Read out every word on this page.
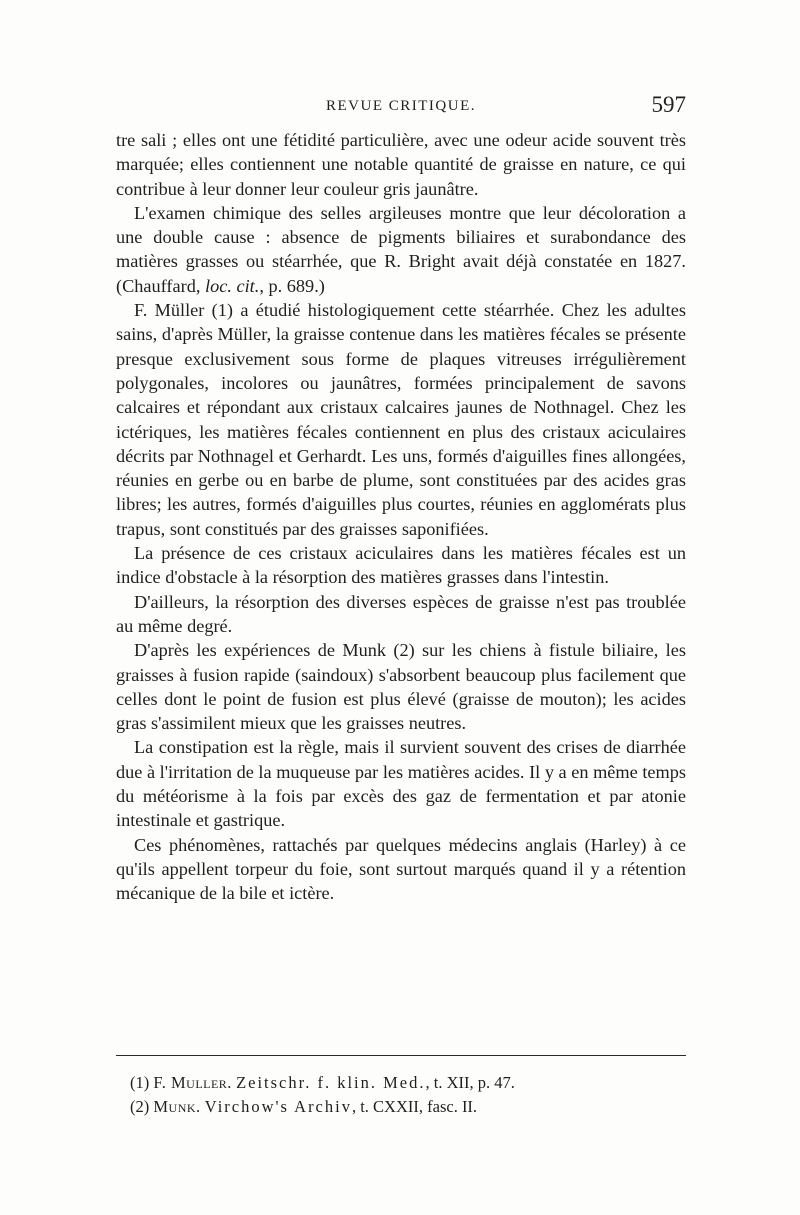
REVUE CRITIQUE.	597

tre sali ; elles ont une fétidité particulière, avec une odeur acide souvent très marquée; elles contiennent une notable quantité de graisse en nature, ce qui contribue à leur donner leur couleur gris jaunâtre.

L'examen chimique des selles argileuses montre que leur décoloration a une double cause : absence de pigments biliaires et surabondance des matières grasses ou stéarrhée, que R. Bright avait déjà constatée en 1827. (Chauffard, loc. cit., p. 689.)

F. Müller (1) a étudié histologiquement cette stéarrhée. Chez les adultes sains, d'après Müller, la graisse contenue dans les matières fécales se présente presque exclusivement sous forme de plaques vitreuses irrégulièrement polygonales, incolores ou jaunâtres, formées principalement de savons calcaires et répondant aux cristaux calcaires jaunes de Nothnagel. Chez les ictériques, les matières fécales contiennent en plus des cristaux aciculaires décrits par Nothnagel et Gerhardt. Les uns, formés d'aiguilles fines allongées, réunies en gerbe ou en barbe de plume, sont constituées par des acides gras libres; les autres, formés d'aiguilles plus courtes, réunies en agglomérats plus trapus, sont constitués par des graisses saponifiées.

La présence de ces cristaux aciculaires dans les matières fécales est un indice d'obstacle à la résorption des matières grasses dans l'intestin.

D'ailleurs, la résorption des diverses espèces de graisse n'est pas troublée au même degré.

D'après les expériences de Munk (2) sur les chiens à fistule biliaire, les graisses à fusion rapide (saindoux) s'absorbent beaucoup plus facilement que celles dont le point de fusion est plus élevé (graisse de mouton); les acides gras s'assimilent mieux que les graisses neutres.

La constipation est la règle, mais il survient souvent des crises de diarrhée due à l'irritation de la muqueuse par les matières acides. Il y a en même temps du météorisme à la fois par excès des gaz de fermentation et par atonie intestinale et gastrique.

Ces phénomènes, rattachés par quelques médecins anglais (Harley) à ce qu'ils appellent torpeur du foie, sont surtout marqués quand il y a rétention mécanique de la bile et ictère.

(1) F. Muller. Zeitschr. f. klin. Med., t. XII, p. 47.
(2) Munk. Virchow's Archiv, t. CXXII, fasc. II.
